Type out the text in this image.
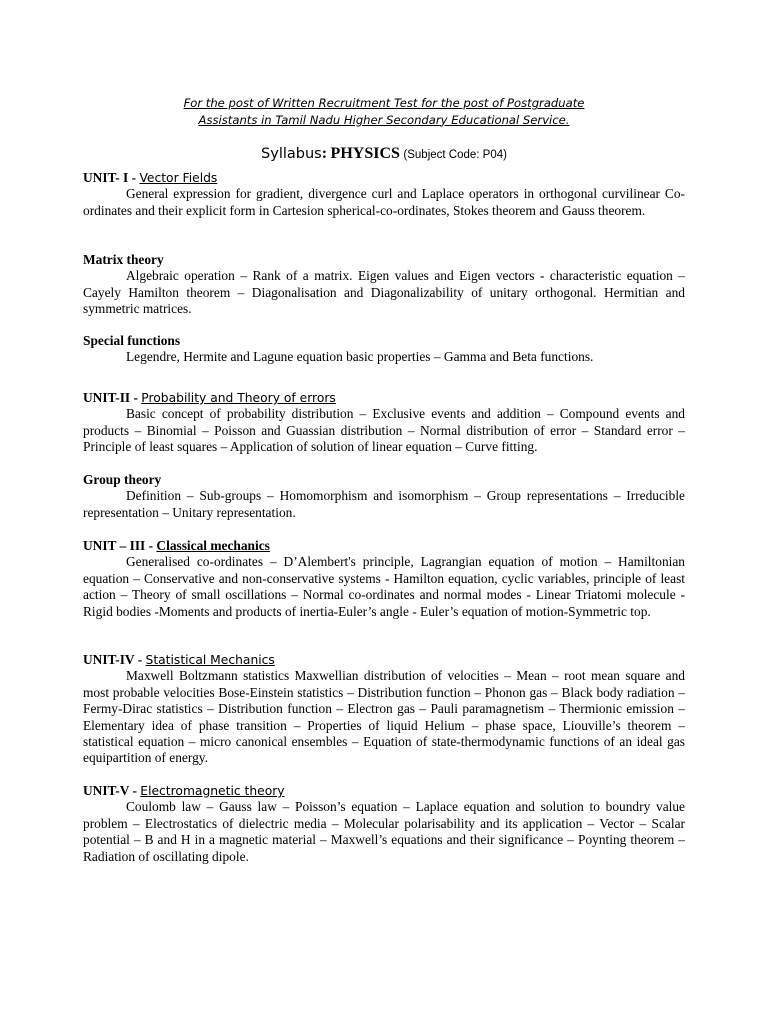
For the post of Written Recruitment Test for the post of Postgraduate
Assistants in Tamil Nadu Higher Secondary Educational Service.
Syllabus: PHYSICS (Subject Code: P04)
UNIT- I - Vector Fields
General expression for gradient, divergence curl and Laplace operators in orthogonal curvilinear Co-ordinates and their explicit form in Cartesion spherical-co-ordinates, Stokes theorem and Gauss theorem.
Matrix theory
Algebraic operation – Rank of a matrix. Eigen values and Eigen vectors - characteristic equation – Cayely Hamilton theorem – Diagonalisation and Diagonalizability of unitary orthogonal. Hermitian and symmetric matrices.
Special functions
Legendre, Hermite and Lagune equation basic properties – Gamma and Beta functions.
UNIT-II - Probability and Theory of errors
Basic concept of probability distribution – Exclusive events and addition – Compound events and products – Binomial – Poisson and Guassian distribution – Normal distribution of error – Standard error – Principle of least squares – Application of solution of linear equation – Curve fitting.
Group theory
Definition – Sub-groups – Homomorphism and isomorphism – Group representations – Irreducible representation – Unitary representation.
UNIT – III - Classical mechanics
Generalised co-ordinates – D’Alembert's principle, Lagrangian equation of motion – Hamiltonian equation – Conservative and non-conservative systems - Hamilton equation, cyclic variables, principle of least action – Theory of small oscillations – Normal co-ordinates and normal modes - Linear Triatomi molecule - Rigid bodies -Moments and products of inertia-Euler’s angle - Euler’s equation of motion-Symmetric top.
UNIT-IV - Statistical Mechanics
Maxwell Boltzmann statistics Maxwellian distribution of velocities – Mean – root mean square and most probable velocities Bose-Einstein statistics – Distribution function – Phonon gas – Black body radiation – Fermy-Dirac statistics – Distribution function – Electron gas – Pauli paramagnetism – Thermionic emission – Elementary idea of phase transition – Properties of liquid Helium – phase space, Liouville’s theorem – statistical equation – micro canonical ensembles – Equation of state-thermodynamic functions of an ideal gas equipartition of energy.
UNIT-V - Electromagnetic theory
Coulomb law – Gauss law – Poisson’s equation – Laplace equation and solution to boundry value problem – Electrostatics of dielectric media – Molecular polarisability and its application – Vector – Scalar potential – B and H in a magnetic material – Maxwell’s equations and their significance – Poynting theorem – Radiation of oscillating dipole.
